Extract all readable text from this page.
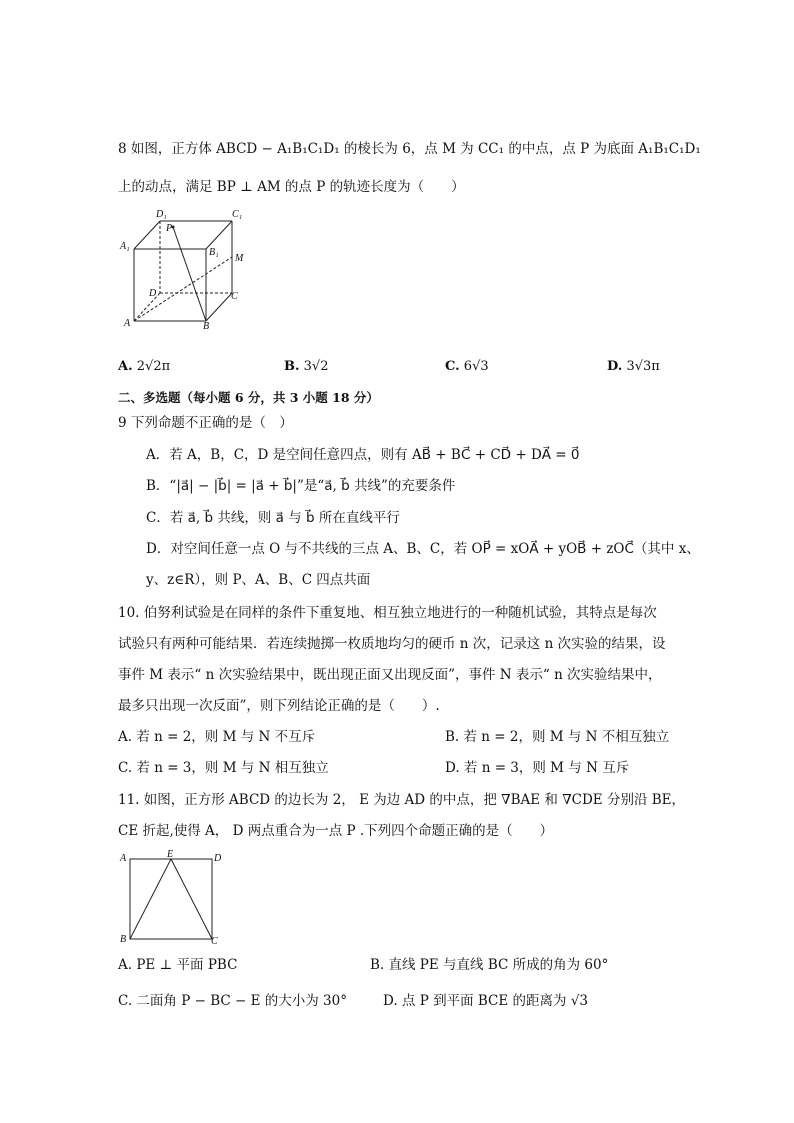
8 如图，正方体 ABCD − A₁B₁C₁D₁ 的棱长为 6，点 M 为 CC₁ 的中点，点 P 为底面 A₁B₁C₁D₁
上的动点，满足 BP ⊥ AM 的点 P 的轨迹长度为（　　）
D₁	C₁
A₁
B₁
P
M
D	C
A	B
A. 2√2π	B. 3√2	C. 6√3	D. 3√3π
二、多选题（每小题 6 分，共 3 小题 18 分）
9 下列命题不正确的是（　）
A．若 A，B，C，D 是空间任意四点，则有 AB⃗ + BC⃗ + CD⃗ + DA⃗ = 0⃗
B．“|a⃗| − |b⃗| = |a⃗ + b⃗|”是“a⃗, b⃗ 共线”的充要条件
C．若 a⃗, b⃗ 共线，则 a⃗ 与 b⃗ 所在直线平行
D．对空间任意一点 O 与不共线的三点 A、B、C，若 OP⃗ = xOA⃗ + yOB⃗ + zOC⃗（其中 x、
y、z∈R），则 P、A、B、C 四点共面
10. 伯努利试验是在同样的条件下重复地、相互独立地进行的一种随机试验，其特点是每次
试验只有两种可能结果．若连续抛掷一枚质地均匀的硬币 n 次，记录这 n 次实验的结果，设
事件 M 表示“ n 次实验结果中，既出现正面又出现反面”，事件 N 表示“ n 次实验结果中，
最多只出现一次反面”，则下列结论正确的是（　　）.
A. 若 n = 2，则 M 与 N 不互斥	B. 若 n = 2，则 M 与 N 不相互独立
C. 若 n = 3，则 M 与 N 相互独立	D. 若 n = 3，则 M 与 N 互斥
11. 如图，正方形 ABCD 的边长为 2， E 为边 AD 的中点，把 ∇BAE 和 ∇CDE 分别沿 BE，
CE 折起,使得 A， D 两点重合为一点 P .下列四个命题正确的是（　　）
A	E	D
B	C
A. PE ⊥ 平面 PBC	B. 直线 PE 与直线 BC 所成的角为 60°
C. 二面角 P − BC − E 的大小为 30°	D. 点 P 到平面 BCE 的距离为 √3
